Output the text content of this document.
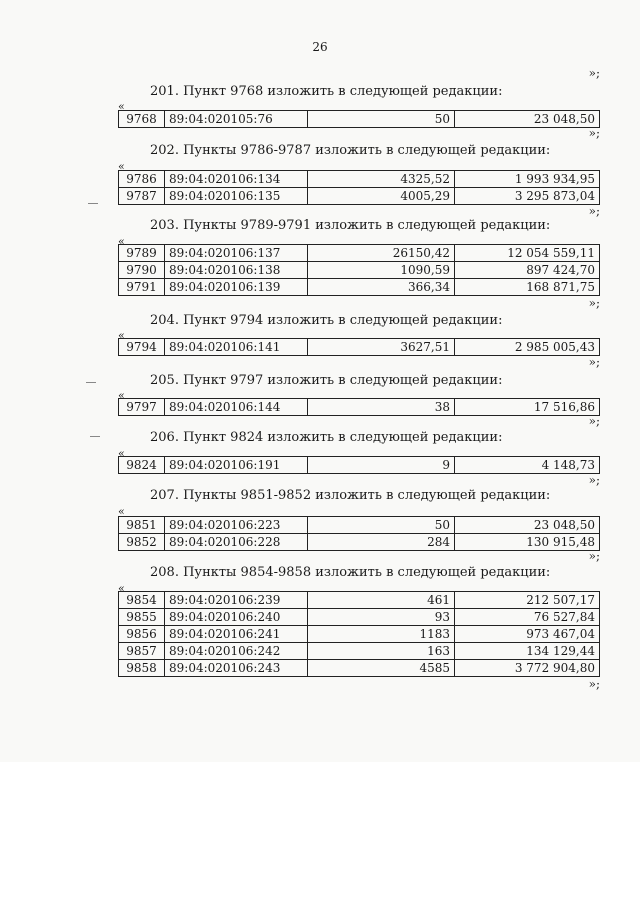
26
»;
201. Пункт 9768 изложить в следующей редакции:
«
9768	89:04:020105:76	50	23 048,50
»;
202. Пункты 9786-9787 изложить в следующей редакции:
«
9786	89:04:020106:134	4325,52	1 993 934,95
9787	89:04:020106:135	4005,29	3 295 873,04
»;
203. Пункты 9789-9791 изложить в следующей редакции:
«
9789	89:04:020106:137	26150,42	12 054 559,11
9790	89:04:020106:138	1090,59	897 424,70
9791	89:04:020106:139	366,34	168 871,75
»;
204. Пункт 9794 изложить в следующей редакции:
«
9794	89:04:020106:141	3627,51	2 985 005,43
»;
205. Пункт 9797 изложить в следующей редакции:
«
9797	89:04:020106:144	38	17 516,86
»;
206. Пункт 9824 изложить в следующей редакции:
«
9824	89:04:020106:191	9	4 148,73
»;
207. Пункты 9851-9852 изложить в следующей редакции:
«
9851	89:04:020106:223	50	23 048,50
9852	89:04:020106:228	284	130 915,48
»;
208. Пункты 9854-9858 изложить в следующей редакции:
«
9854	89:04:020106:239	461	212 507,17
9855	89:04:020106:240	93	76 527,84
9856	89:04:020106:241	1183	973 467,04
9857	89:04:020106:242	163	134 129,44
9858	89:04:020106:243	4585	3 772 904,80
»;
